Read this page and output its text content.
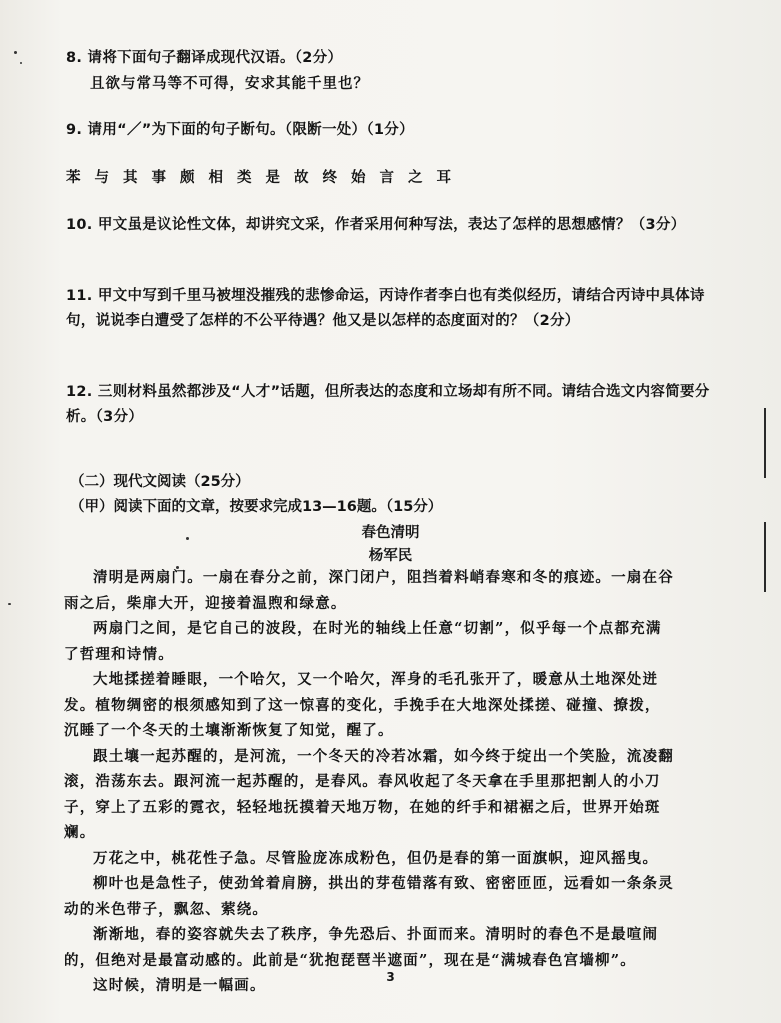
8. 请将下面句子翻译成现代汉语。（2分）
且欲与常马等不可得，安求其能千里也？
9. 请用“／”为下面的句子断句。（限断一处）（1分）

苯与其事颇相类是故终始言之耳

10. 甲文虽是议论性文体，却讲究文采，作者采用何种写法，表达了怎样的思想感情？（3分）
11. 甲文中写到千里马被埋没摧残的悲惨命运，丙诗作者李白也有类似经历，请结合丙诗中具体诗句，说说李白遭受了怎样的不公平待遇？他又是以怎样的态度面对的？（2分）
12. 三则材料虽然都涉及“人才”话题，但所表达的态度和立场却有所不同。请结合选文内容简要分析。（3分）

（二）现代文阅读（25分）

（甲）阅读下面的文章，按要求完成13—16题。（15分）

春色清明

杨军民

清明是两扇门。一扇在春分之前，深门闭户，阻挡着料峭春寒和冬的痕迹。一扇在谷雨之后，柴扉大开，迎接着温煦和绿意。

两扇门之间，是它自己的波段，在时光的轴线上任意“切割”，似乎每一个点都充满了哲理和诗情。

大地揉搓着睡眼，一个哈欠，又一个哈欠，浑身的毛孔张开了，暖意从土地深处迸发。植物绸密的根须感知到了这一惊喜的变化，手挽手在大地深处揉搓、碰撞、撩拨，沉睡了一个冬天的土壤渐渐恢复了知觉，醒了。

跟土壤一起苏醒的，是河流，一个冬天的冷若冰霜，如今终于绽出一个笑脸，流凌翻滚，浩荡东去。跟河流一起苏醒的，是春风。春风收起了冬天拿在手里那把割人的小刀子，穿上了五彩的霓衣，轻轻地抚摸着天地万物，在她的纤手和裙裾之后，世界开始斑斓。

万花之中，桃花性子急。尽管脸庞冻成粉色，但仍是春的第一面旗帜，迎风摇曳。

柳叶也是急性子，使劲耸着肩膀，拱出的芽苞错落有致、密密匝匝，远看如一条条灵动的米色带子，飘忽、萦绕。

渐渐地，春的姿容就失去了秩序，争先恐后、扑面而来。清明时的春色不是最喧闹的，但绝对是最富动感的。此前是“犹抱琵琶半遮面”，现在是“满城春色宫墙柳”。

这时候，清明是一幅画。	3
